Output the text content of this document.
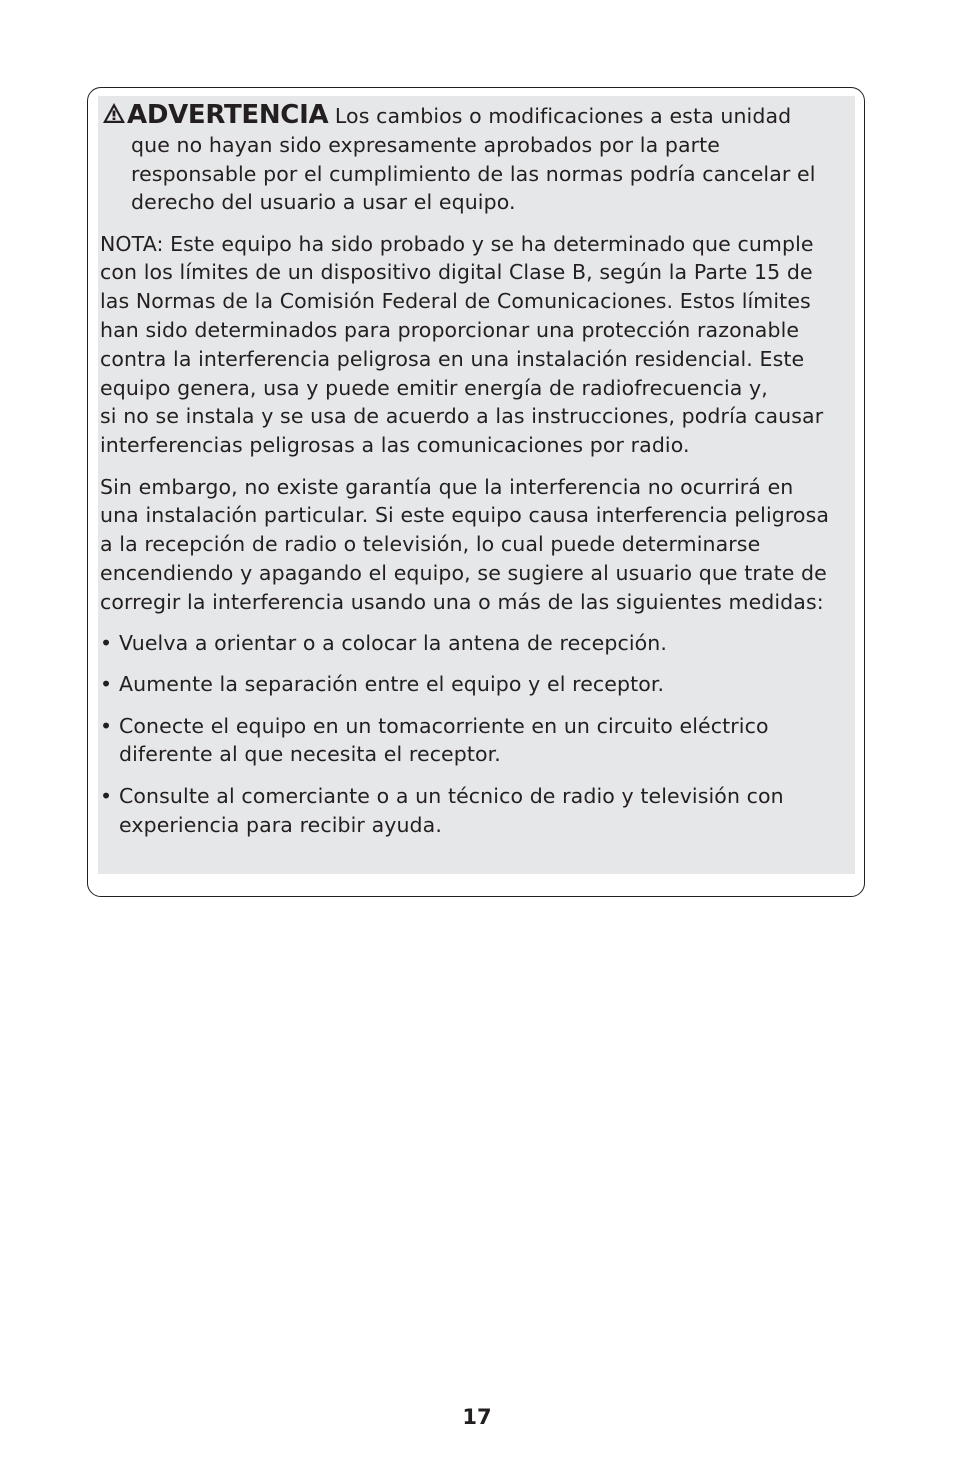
ADVERTENCIA Los cambios o modificaciones a esta unidad
que no hayan sido expresamente aprobados por la parte
responsable por el cumplimiento de las normas podría cancelar el
derecho del usuario a usar el equipo.

NOTA: Este equipo ha sido probado y se ha determinado que cumple
con los límites de un dispositivo digital Clase B, según la Parte 15 de
las Normas de la Comisión Federal de Comunicaciones. Estos límites
han sido determinados para proporcionar una protección razonable
contra la interferencia peligrosa en una instalación residencial. Este
equipo genera, usa y puede emitir energía de radiofrecuencia y,
si no se instala y se usa de acuerdo a las instrucciones, podría causar
interferencias peligrosas a las comunicaciones por radio.

Sin embargo, no existe garantía que la interferencia no ocurrirá en
una instalación particular. Si este equipo causa interferencia peligrosa
a la recepción de radio o televisión, lo cual puede determinarse
encendiendo y apagando el equipo, se sugiere al usuario que trate de
corregir la interferencia usando una o más de las siguientes medidas:

• Vuelva a orientar o a colocar la antena de recepción.
• Aumente la separación entre el equipo y el receptor.
• Conecte el equipo en un tomacorriente en un circuito eléctrico
diferente al que necesita el receptor.
• Consulte al comerciante o a un técnico de radio y televisión con
experiencia para recibir ayuda.
17
